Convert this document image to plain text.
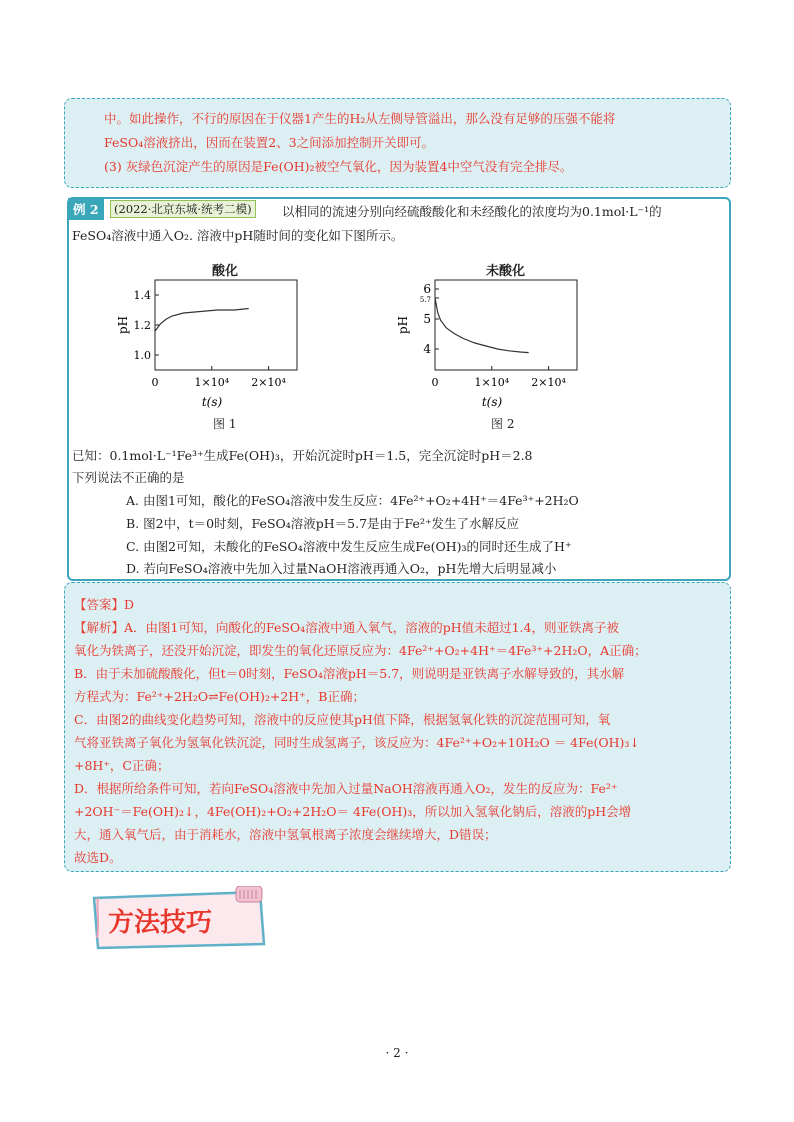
中。如此操作，不行的原因在于仪器1产生的H₂从左侧导管溢出，那么没有足够的压强不能将
FeSO₄溶液挤出，因而在装置2、3之间添加控制开关即可。
(3) 灰绿色沉淀产生的原因是Fe(OH)₂被空气氧化，因为装置4中空气没有完全排尽。
例 2	(2022·北京东城·统考二模)	以相同的流速分别向经硫酸酸化和未经酸化的浓度均为0.1mol·L⁻¹的
FeSO₄溶液中通入O₂. 溶液中pH随时间的变化如下图所示。
酸化	未酸化
1.0
1.2
1.4
0	1×10⁴ 2×10⁴
t(s)
pH
4
5
5.7
6
0	1×10⁴ 2×10⁴
t(s)
pH
图 1	图 2
已知：0.1mol·L⁻¹Fe³⁺生成Fe(OH)₃，开始沉淀时pH＝1.5，完全沉淀时pH＝2.8
下列说法不正确的是
A. 由图1可知，酸化的FeSO₄溶液中发生反应：4Fe²⁺+O₂+4H⁺＝4Fe³⁺+2H₂O
B. 图2中，t＝0时刻，FeSO₄溶液pH＝5.7是由于Fe²⁺发生了水解反应
C. 由图2可知，未酸化的FeSO₄溶液中发生反应生成Fe(OH)₃的同时还生成了H⁺
D. 若向FeSO₄溶液中先加入过量NaOH溶液再通入O₂，pH先增大后明显减小
【答案】D
【解析】A．由图1可知，向酸化的FeSO₄溶液中通入氧气，溶液的pH值未超过1.4，则亚铁离子被
氧化为铁离子，还没开始沉淀，即发生的氧化还原反应为：4Fe²⁺+O₂+4H⁺＝4Fe³⁺+2H₂O，A正确；
B．由于未加硫酸酸化，但t＝0时刻，FeSO₄溶液pH＝5.7，则说明是亚铁离子水解导致的，其水解
方程式为：Fe²⁺+2H₂O⇌Fe(OH)₂+2H⁺，B正确；
C．由图2的曲线变化趋势可知，溶液中的反应使其pH值下降，根据氢氧化铁的沉淀范围可知，氧
气将亚铁离子氧化为氢氧化铁沉淀，同时生成氢离子，该反应为：4Fe²⁺+O₂+10H₂O ＝ 4Fe(OH)₃↓
+8H⁺，C正确；
D．根据所给条件可知，若向FeSO₄溶液中先加入过量NaOH溶液再通入O₂，发生的反应为：Fe²⁺
+2OH⁻＝Fe(OH)₂↓，4Fe(OH)₂+O₂+2H₂O＝ 4Fe(OH)₃，所以加入氢氧化钠后，溶液的pH会增
大，通入氧气后，由于消耗水，溶液中氢氧根离子浓度会继续增大，D错误；
故选D。
方法技巧
· 2 ·
